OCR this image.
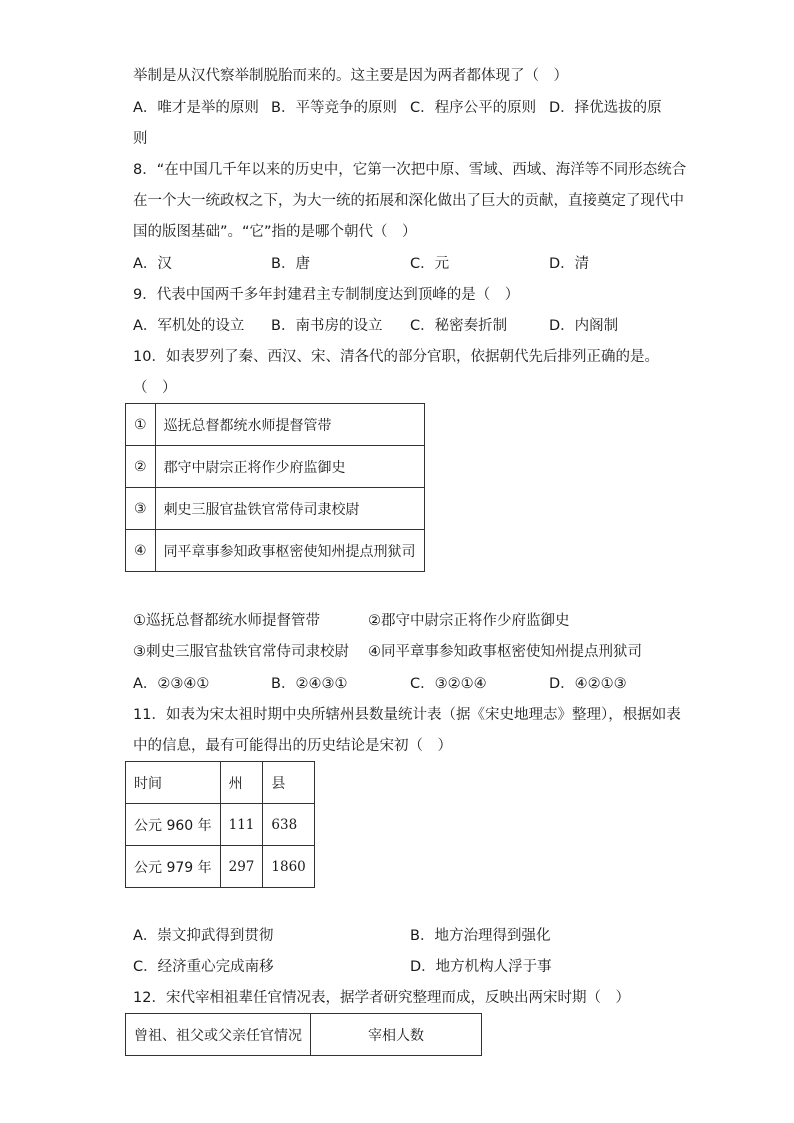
举制是从汉代察举制脱胎而来的。这主要是因为两者都体现了（　）
A．唯才是举的原则 B．平等竞争的原则 C．程序公平的原则 D．择优选拔的原
则
8．“在中国几千年以来的历史中，它第一次把中原、雪域、西域、海洋等不同形态统合
在一个大一统政权之下，为大一统的拓展和深化做出了巨大的贡献，直接奠定了现代中
国的版图基础”。“它”指的是哪个朝代（　）
A．汉	B．唐	C．元	D．清
9．代表中国两千多年封建君主专制制度达到顶峰的是（　）
A．军机处的设立 B．南书房的设立 C．秘密奏折制	D．内阁制
10．如表罗列了秦、西汉、宋、清各代的部分官职，依据朝代先后排列正确的是。
（　）
①	巡抚总督都统水师提督管带
②	郡守中尉宗正将作少府监御史
③	刺史三服官盐铁官常侍司隶校尉
④	同平章事参知政事枢密使知州提点刑狱司
①巡抚总督都统水师提督管带	②郡守中尉宗正将作少府监御史
③刺史三服官盐铁官常侍司隶校尉 ④同平章事参知政事枢密使知州提点刑狱司
A．②③④①	B．②④③①	C．③②①④	D．④②①③
11．如表为宋太祖时期中央所辖州县数量统计表（据《宋史地理志》整理），根据如表
中的信息，最有可能得出的历史结论是宋初（　）
时间	州	县
公元 960 年	111	638
公元 979 年	297	1860
A．崇文抑武得到贯彻	B．地方治理得到强化
C．经济重心完成南移	D．地方机构人浮于事
12．宋代宰相祖辈任官情况表，据学者研究整理而成，反映出两宋时期（　）
曾祖、祖父或父亲任官情况	宰相人数
